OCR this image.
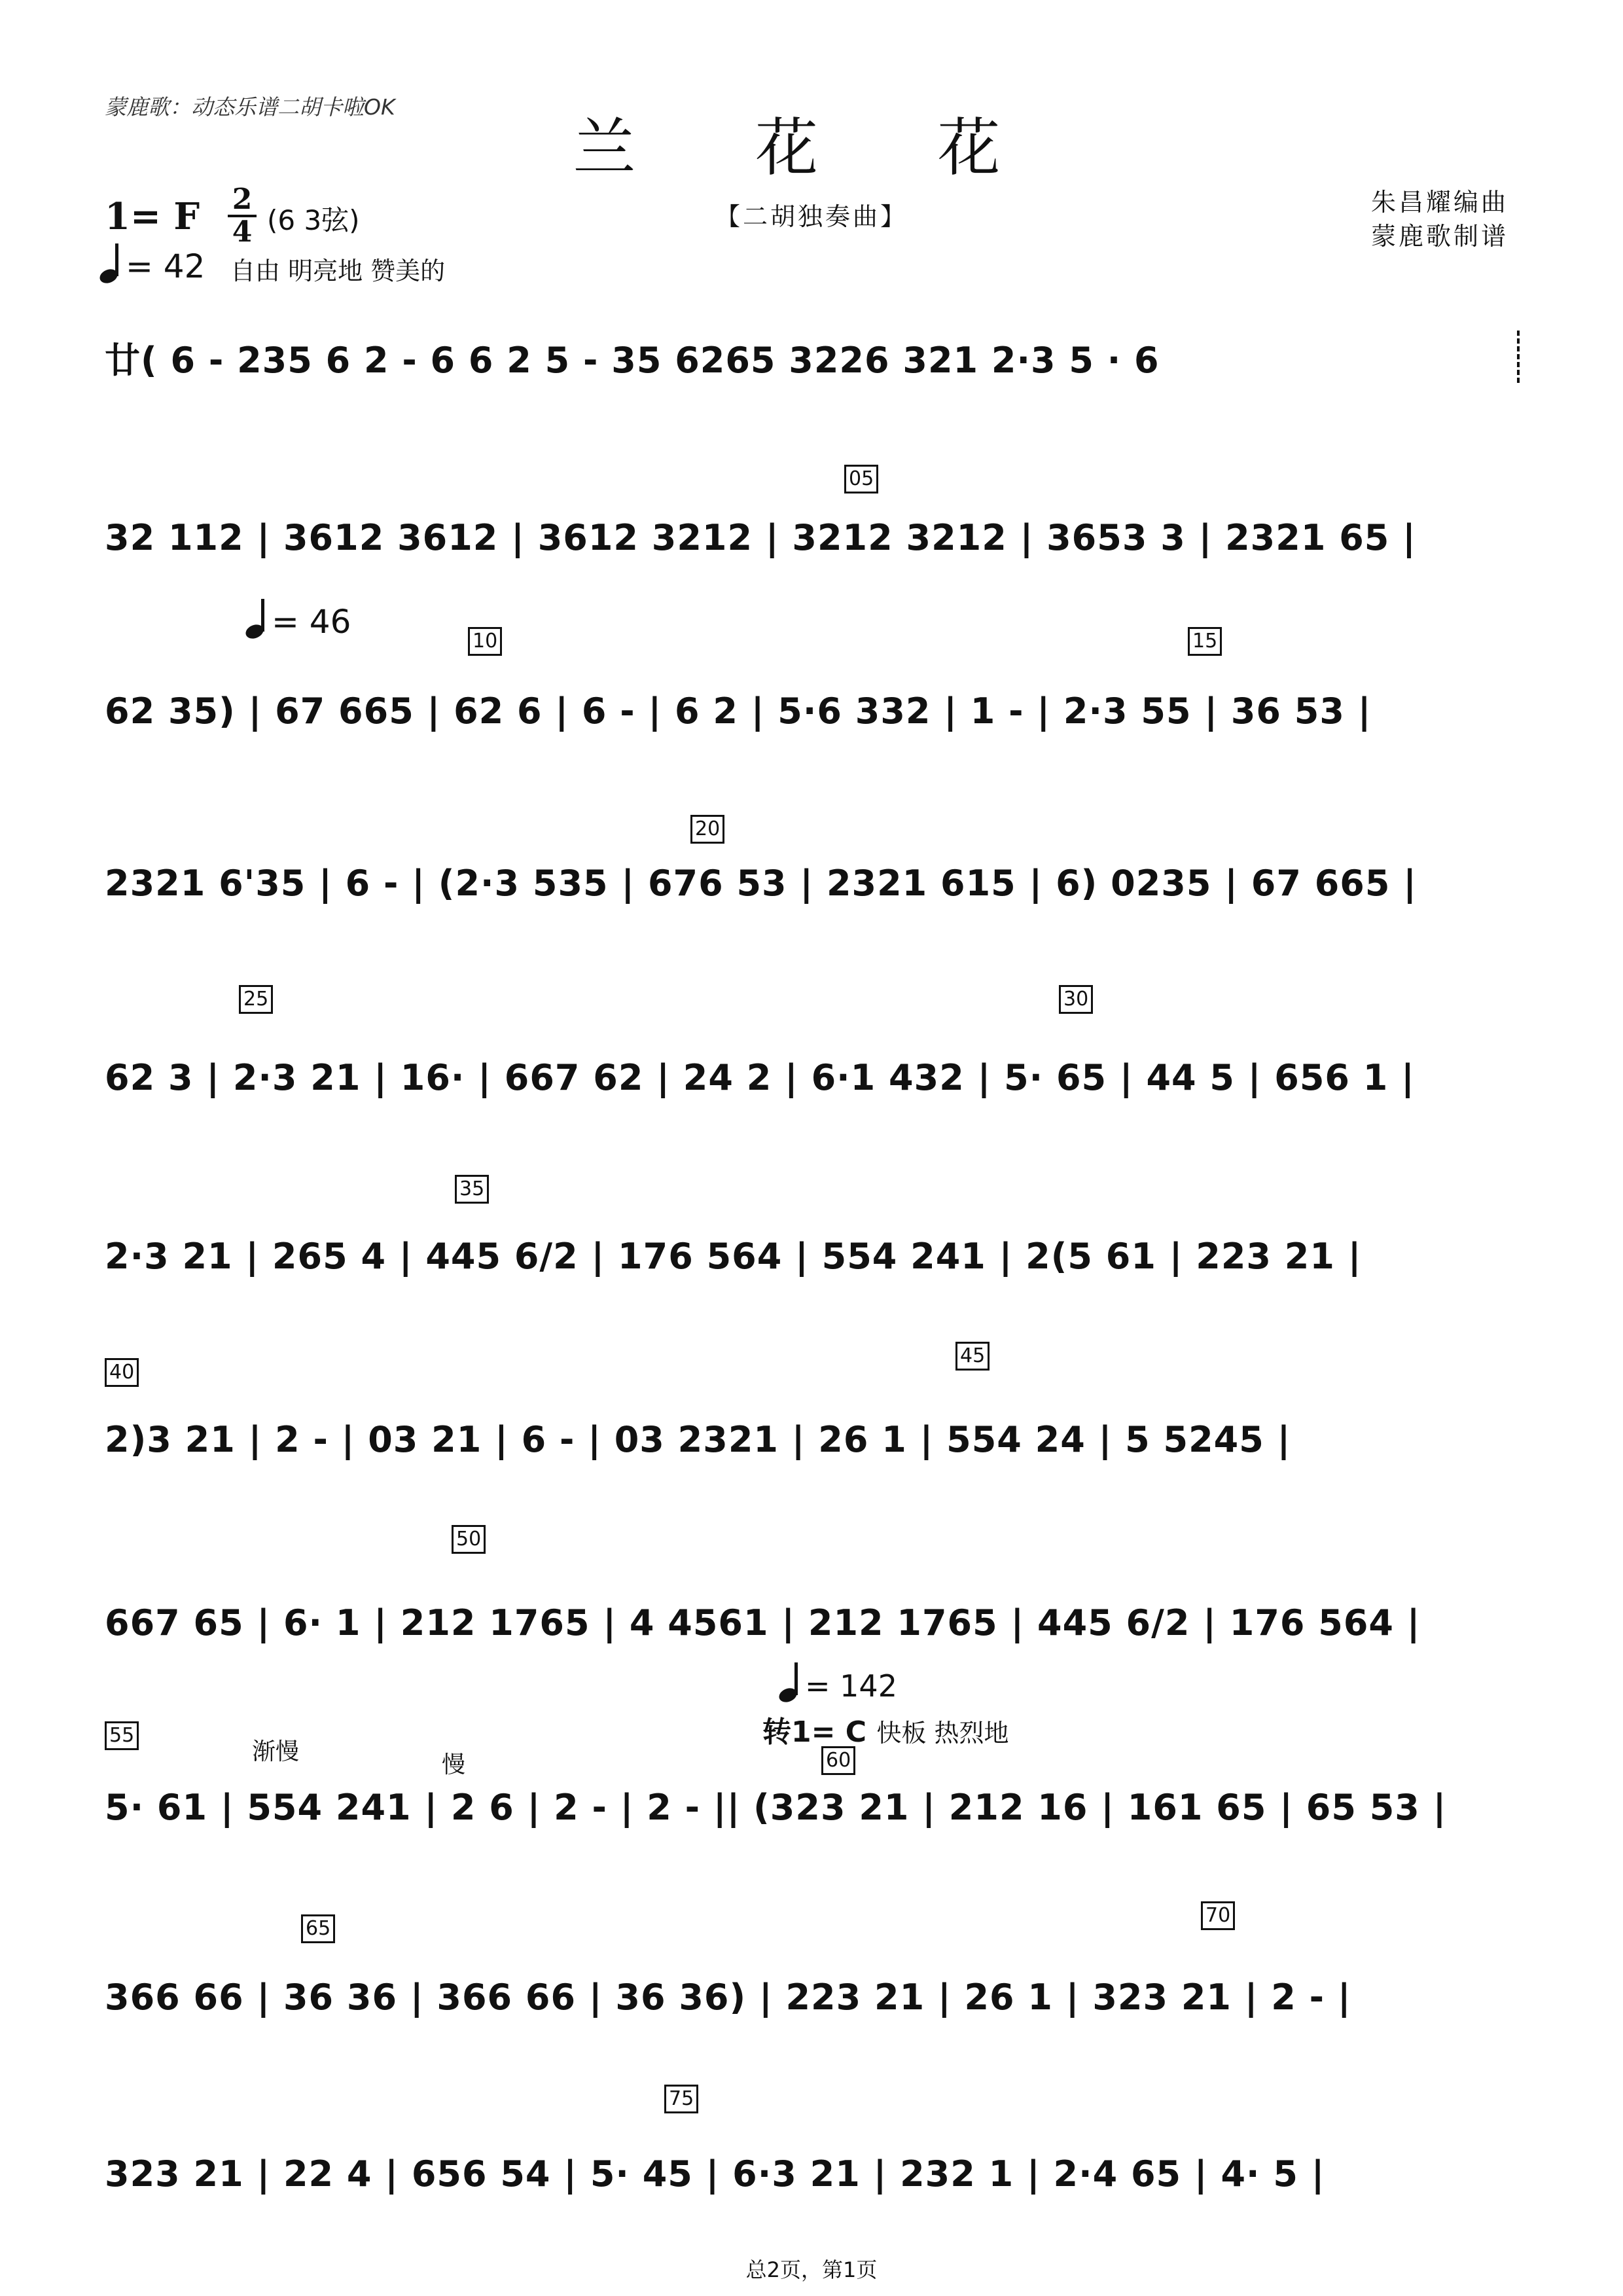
蒙鹿歌：动态乐谱二胡卡啦OK
兰 花 花
【二胡独奏曲】	朱昌耀编曲
蒙鹿歌制谱
1= F 2
4 (6 3弦)
= 42 自由 明亮地 赞美的
廿( 6 - 235 6 2 - 6 6 2 5 - 35 6265 3226 321 2·3 5 · 6
32 112 | 3612 3612 | 3612 3212 | 3212 3212 | 3653 3 | 2321 65 |
62 35) | 67 665 | 62 6 | 6 - | 6 2 | 5·6 332 | 1 - | 2·3 55 | 36 53 |
2321 6'35 | 6 - | (2·3 535 | 676 53 | 2321 615 | 6) 0235 | 67 665 |
62 3 | 2·3 21 | 16· | 667 62 | 24 2 | 6·1 432 | 5· 65 | 44 5 | 656 1 |
2·3 21 | 265 4 | 445 6/2 | 176 564 | 554 241 | 2(5 61 | 223 21 |
2)3 21 | 2 - | 03 21 | 6 - | 03 2321 | 26 1 | 554 24 | 5 5245 |
667 65 | 6· 1 | 212 1765 | 4 4561 | 212 1765 | 445 6/2 | 176 564 |
5· 61 | 554 241 | 2 6 | 2 - | 2 - || (323 21 | 212 16 | 161 65 | 65 53 |
366 66 | 36 36 | 366 66 | 36 36) | 223 21 | 26 1 | 323 21 | 2 - |
323 21 | 22 4 | 656 54 | 5· 45 | 6·3 21 | 232 1 | 2·4 65 | 4· 5 |
05
10	15
20
25	30
35
40
45
50
55
60
65
70
75
= 46
= 142
转1= C 快板 热烈地
渐慢	慢
总2页，第1页
